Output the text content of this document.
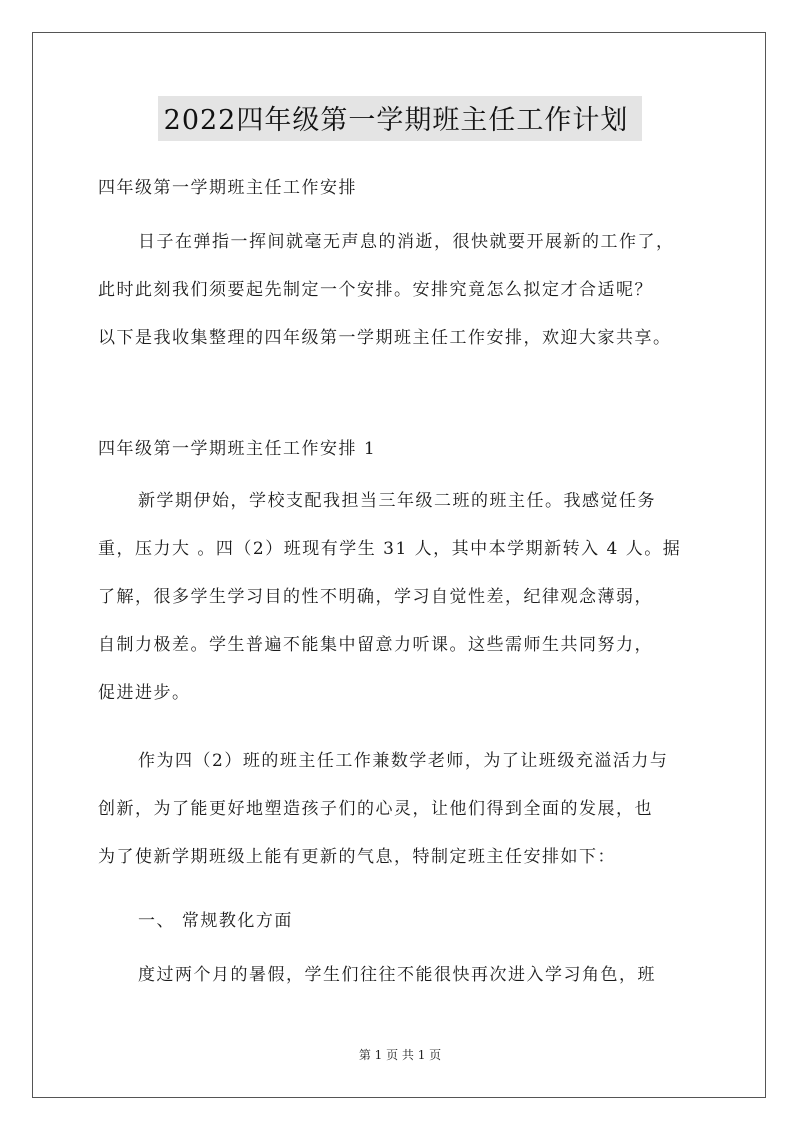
2022四年级第一学期班主任工作计划
四年级第一学期班主任工作安排
日子在弹指一挥间就毫无声息的消逝，很快就要开展新的工作了，
此时此刻我们须要起先制定一个安排。安排究竟怎么拟定才合适呢？
以下是我收集整理的四年级第一学期班主任工作安排，欢迎大家共享。
四年级第一学期班主任工作安排 1
新学期伊始，学校支配我担当三年级二班的班主任。我感觉任务
重，压力大 。四（2）班现有学生 31 人，其中本学期新转入 4 人。据
了解，很多学生学习目的性不明确，学习自觉性差，纪律观念薄弱，
自制力极差。学生普遍不能集中留意力听课。这些需师生共同努力，
促进进步。
作为四（2）班的班主任工作兼数学老师，为了让班级充溢活力与
创新，为了能更好地塑造孩子们的心灵，让他们得到全面的发展，也
为了使新学期班级上能有更新的气息，特制定班主任安排如下：
一、 常规教化方面
度过两个月的暑假，学生们往往不能很快再次进入学习角色，班
第 1 页 共 1 页
